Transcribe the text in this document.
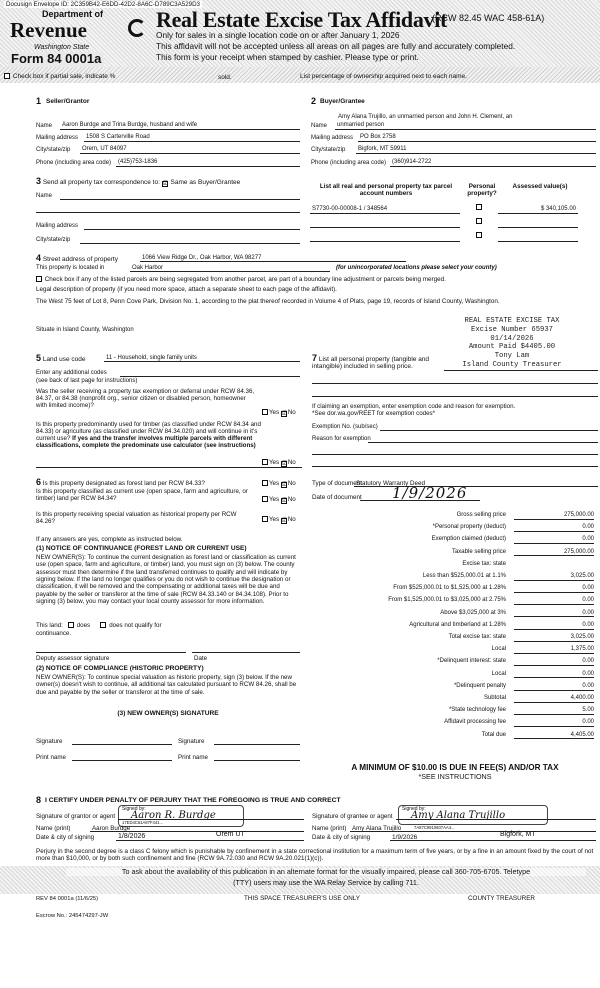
Docusign Envelope ID: 2C359B42-E6DD-42D2-8A6C-D789C3A529D3
Department of
Revenue
Washington State
Form 84 0001a
Real Estate Excise Tax Affidavit
(RCW 82.45 WAC 458-61A)
Only for sales in a single location code on or after January 1, 2026
This affidavit will not be accepted unless all areas on all pages are fully and accurately completed.
This form is your receipt when stamped by cashier. Please type or print.
Check box if partial sale, indicate %	sold.	List percentage of ownership acquired next to each name.
1 Seller/Grantor
Name Aaron Burdge and Trina Burdge, husband and wife
Mailing address 1508 S Carterville Road
City/state/zip Orem, UT 84097
Phone (including area code) (425)753-1836
2 Buyer/Grantee
Amy Alana Trujillo, an unmarried person and John H. Clement, an
Name unmarried person
Mailing address PO Box 2758
City/state/zip Bigfork, MT 59911
Phone (including area code) (360)914-2722
3 Send all property tax correspondence to: ☑ Same as Buyer/Grantee
Name
Mailing address
City/state/zip
List all real and personal property tax parcel account numbers
Personal property?
Assessed value(s)
S7730-00-00008-1 / 348564	$ 340,105.00
4 Street address of property	1066 View Ridge Dr., Oak Harbor, WA 98277
This property is located in	Oak Harbor	(for unincorporated locations please select your county)
Check box if any of the listed parcels are being segregated from another parcel, are part of a boundary line adjustment or parcels being merged.
Legal description of property (if you need more space, attach a separate sheet to each page of the affidavit).
The West 75 feet of Lot 8, Penn Cove Park, Division No. 1, according to the plat thereof recorded in Volume 4 of Plats, page 19, records of Island County, Washington.
Situate in Island County, Washington
REAL ESTATE EXCISE TAX
Excise Number 65937
01/14/2026
Amount Paid $4405.00
Tony Lam
Island County Treasurer
5 Land use code	11 - Household, single family units
Enter any additional codes
(see back of last page for instructions)
Was the seller receiving a property tax exemption or deferral under RCW 84.36, 84.37, or 84.38 (nonprofit org., senior citizen or disabled person, homeowner with limited income)?
Yes ☑No
Is this property predominantly used for timber (as classified under RCW 84.34 and 84.33) or agriculture (as classified under RCW 84.34.020) and will continue in it's current use? If yes and the transfer involves multiple parcels with different classifications, complete the predominate use calculator (see instructions)
Yes ☑No
7 List all personal property (tangible and intangible) included in selling price.
If claiming an exemption, enter exemption code and reason for exemption. *See dor.wa.gov/REET for exemption codes*
Exemption No. (sub/sec)
Reason for exemption
6 Is this property designated as forest land per RCW 84.33?	Yes ☑No
Is this property classified as current use (open space, farm and agriculture, or timber) land per RCW 84.34?	Yes ☑No
Is this property receiving special valuation as historical property per RCW 84.26?	Yes ☑No
If any answers are yes, complete as instructed below.
(1) NOTICE OF CONTINUANCE (FOREST LAND OR CURRENT USE)
NEW OWNER(S): To continue the current designation as forest land or classification as current use (open space, farm and agriculture, or timber) land, you must sign on (3) below. The county assessor must then determine if the land transferred continues to qualify and will indicate by signing below. If the land no longer qualifies or you do not wish to continue the designation or classification, it will be removed and the compensating or additional taxes will be due and payable by the seller or transferor at the time of sale (RCW 84.33.140 or 84.34.108). Prior to signing (3) below, you may contact your local county assessor for more information.
This land: does	does not qualify for
continuance.
Deputy assessor signature	Date
(2) NOTICE OF COMPLIANCE (HISTORIC PROPERTY)
NEW OWNER(S): To continue special valuation as historic property, sign (3) below. If the new owner(s) doesn't wish to continue, all additional tax calculated pursuant to RCW 84.26, shall be due and payable by the seller or transferor at the time of sale.
(3) NEW OWNER(S) SIGNATURE
Signature	Signature
Print name	Print name
Type of document
Statutory Warranty Deed
Date of document 1/9/2026
Gross selling price	275,000.00
*Personal property (deduct)	0.00
Exemption claimed (deduct)	0.00
Taxable selling price	275,000.00
Excise tax: state
Less than $525,000.01 at 1.1%	3,025.00
From $525,000.01 to $1,525,000 at 1.28%	0.00
From $1,525,000.01 to $3,025,000 at 2.75%	0.00
Above $3,025,000 at 3%	0.00
Agricultural and timberland at 1.28%	0.00
Total excise tax: state	3,025.00
Local	1,375.00
*Delinquent interest: state	0.00
Local	0.00
*Delinquent penalty	0.00
Subtotal	4,400.00
*State technology fee	5.00
Affidavit processing fee	0.00
Total due	4,405.00
A MINIMUM OF $10.00 IS DUE IN FEE(S) AND/OR TAX
*SEE INSTRUCTIONS
8 I CERTIFY UNDER PENALTY OF PERJURY THAT THE FOREGOING IS TRUE AND CORRECT
Signed by:
Aaron R. Burdge
17ED4C61A97F441...
Signature of grantor or agent
Name (print)	Aaron Burdge
Date & city of signing	1/8/2026	Orem UT
Signed by:
Amy Alana Trujillo
Signature of grantee or agent
Name (print) Amy Alana Trujillo	7A87C9910607AA4...
Date & city of signing	1/9/2026	Bigfork, MT
Perjury in the second degree is a class C felony which is punishable by confinement in a state correctional institution for a maximum term of five years, or by a fine in an amount fixed by the court of not more than $10,000, or by both such confinement and fine (RCW 9A.72.030 and RCW 9A.20.021(1)(c)).
To ask about the availability of this publication in an alternate format for the visually impaired, please call 360-705-6705. Teletype
(TTY) users may use the WA Relay Service by calling 711.
REV 84 0001a (11/6/25)	THIS SPACE TREASURER'S USE ONLY	COUNTY TREASURER
Escrow No.: 245474297-JW
